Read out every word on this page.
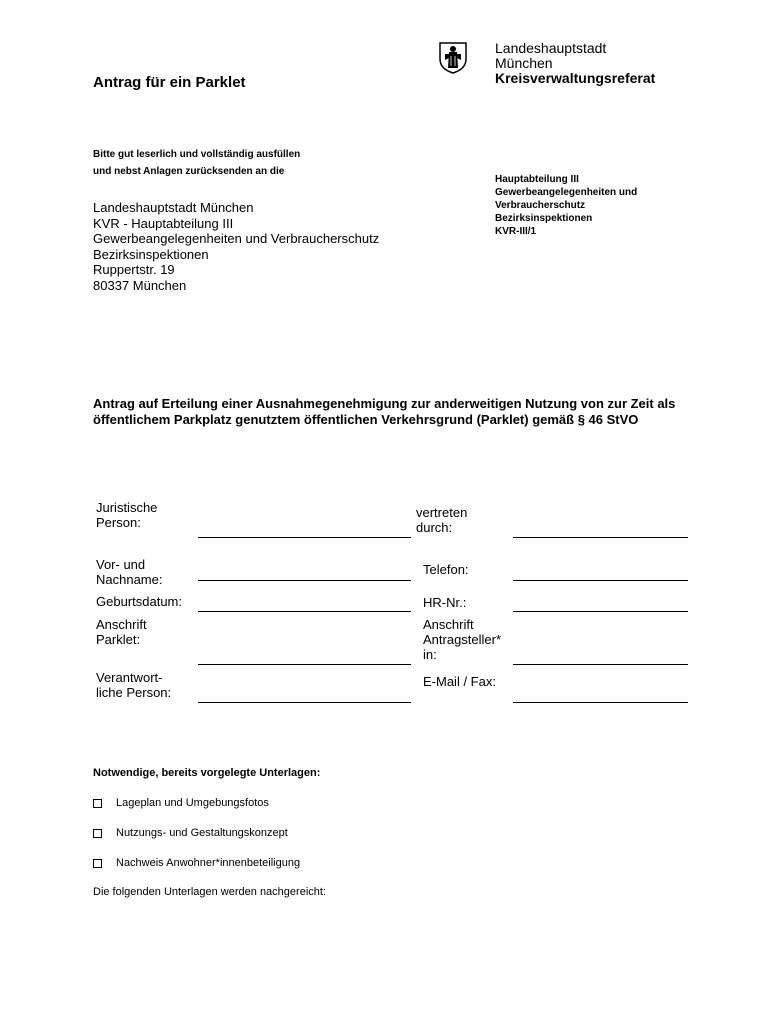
Antrag für ein Parklet
Landeshauptstadt
München
Kreisverwaltungsreferat
Bitte gut leserlich und vollständig ausfüllen
und nebst Anlagen zurücksenden an die
Landeshauptstadt München
KVR - Hauptabteilung III
Gewerbeangelegenheiten und Verbraucherschutz
Bezirksinspektionen
Ruppertstr. 19
80337 München
Hauptabteilung III
Gewerbeangelegenheiten und
Verbraucherschutz
Bezirksinspektionen
KVR-III/1
Antrag auf Erteilung einer Ausnahmegenehmigung zur anderweitigen Nutzung von zur Zeit als öffentlichem Parkplatz genutztem öffentlichen Verkehrsgrund (Parklet) gemäß § 46 StVO
Juristische
Person:
Vor- und
Nachname:
Geburtsdatum:
Anschrift
Parklet:
Verantwort-
liche Person:
vertreten
durch:
Telefon:
HR-Nr.:
Anschrift
Antragsteller*
in:
E-Mail / Fax:
Notwendige, bereits vorgelegte Unterlagen:
Lageplan und Umgebungsfotos
Nutzungs- und Gestaltungskonzept
Nachweis Anwohner*innenbeteiligung
Die folgenden Unterlagen werden nachgereicht:
